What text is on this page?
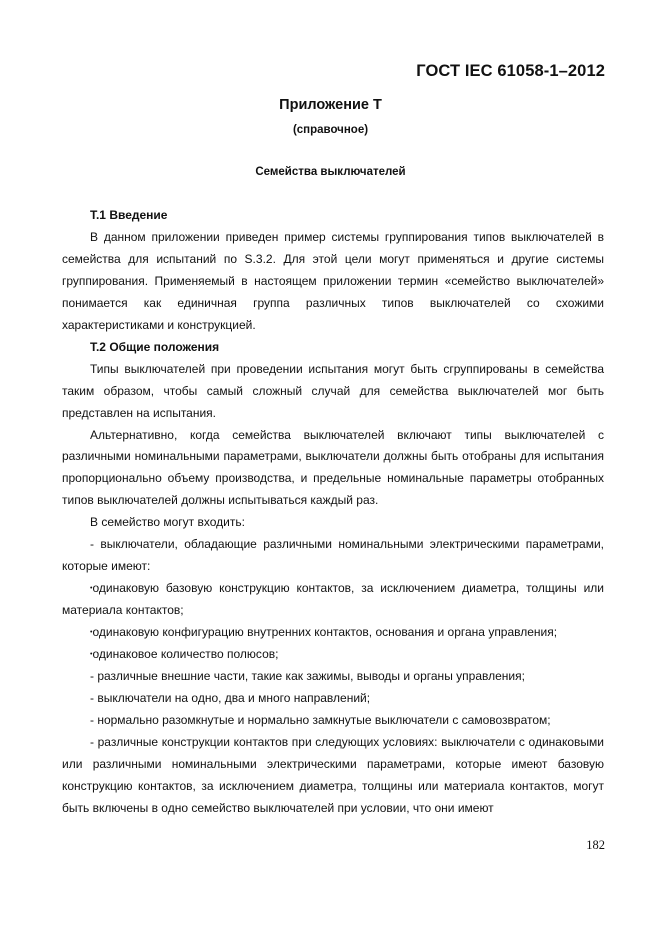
ГОСТ IEC 61058-1–2012
Приложение Т
(справочное)
Семейства выключателей
Т.1 Введение

В данном приложении приведен пример системы группирования типов выключателей в семейства для испытаний по S.3.2. Для этой цели могут применяться и другие системы группирования. Применяемый в настоящем приложении термин «семейство выключателей» понимается как единичная группа различных типов выключателей со схожими характеристиками и конструкцией.

Т.2 Общие положения

Типы выключателей при проведении испытания могут быть сгруппированы в семейства таким образом, чтобы самый сложный случай для семейства выключателей мог быть представлен на испытания.

Альтернативно, когда семейства выключателей включают типы выключателей с различными номинальными параметрами, выключатели должны быть отобраны для испытания пропорционально объему производства, и предельные номинальные параметры отобранных типов выключателей должны испытываться каждый раз.

В семейство могут входить:

- выключатели, обладающие различными номинальными электрическими параметрами, которые имеют:

•одинаковую базовую конструкцию контактов, за исключением диаметра, толщины или материала контактов;

•одинаковую конфигурацию внутренних контактов, основания и органа управления;

•одинаковое количество полюсов;

- различные внешние части, такие как зажимы, выводы и органы управления;

- выключатели на одно, два и много направлений;

- нормально разомкнутые и нормально замкнутые выключатели с самовозвратом;

- различные конструкции контактов при следующих условиях: выключатели с одинаковыми или различными номинальными электрическими параметрами, которые имеют базовую конструкцию контактов, за исключением диаметра, толщины или материала контактов, могут быть включены в одно семейство выключателей при условии, что они имеют

182
